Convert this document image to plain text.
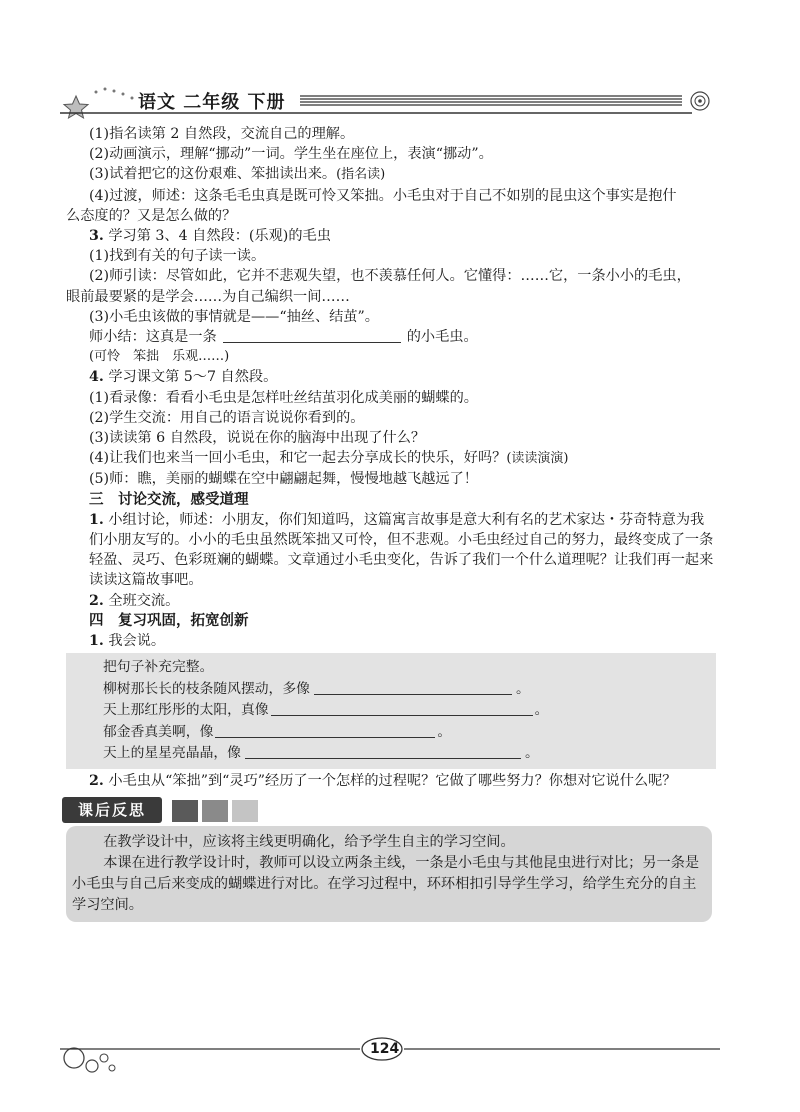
语文 二年级 下册
(1)指名读第 2 自然段，交流自己的理解。
(2)动画演示，理解“挪动”一词。学生坐在座位上，表演“挪动”。
(3)试着把它的这份艰难、笨拙读出来。(指名读)
(4)过渡，师述：这条毛毛虫真是既可怜又笨拙。小毛虫对于自己不如别的昆虫这个事实是抱什
么态度的？又是怎么做的？
3. 学习第 3、4 自然段：(乐观)的毛虫
(1)找到有关的句子读一读。
(2)师引读：尽管如此，它并不悲观失望，也不羡慕任何人。它懂得：……它，一条小小的毛虫，
眼前最要紧的是学会……为自己编织一间……
(3)小毛虫该做的事情就是——“抽丝、结茧”。
师小结：这真是一条	的小毛虫。
(可怜　笨拙　乐观……)
4. 学习课文第 5～7 自然段。
(1)看录像：看看小毛虫是怎样吐丝结茧羽化成美丽的蝴蝶的。
(2)学生交流：用自己的语言说说你看到的。
(3)读读第 6 自然段，说说在你的脑海中出现了什么？
(4)让我们也来当一回小毛虫，和它一起去分享成长的快乐，好吗？(读读演演)
(5)师：瞧，美丽的蝴蝶在空中翩翩起舞，慢慢地越飞越远了！
三　讨论交流，感受道理
1. 小组讨论，师述：小朋友，你们知道吗，这篇寓言故事是意大利有名的艺术家达・芬奇特意为我们小朋友写的。小小的毛虫虽然既笨拙又可怜，但不悲观。小毛虫经过自己的努力，最终变成了一条轻盈、灵巧、色彩斑斓的蝴蝶。文章通过小毛虫变化，告诉了我们一个什么道理呢？让我们再一起来读读这篇故事吧。
2. 全班交流。
四　复习巩固，拓宽创新
1. 我会说。
把句子补充完整。
柳树那长长的枝条随风摆动，多像	。
天上那红彤彤的太阳，真像	。
郁金香真美啊，像	。
天上的星星亮晶晶，像	。
2. 小毛虫从“笨拙”到“灵巧”经历了一个怎样的过程呢？它做了哪些努力？你想对它说什么呢？
课后反思
在教学设计中，应该将主线更明确化，给予学生自主的学习空间。
本课在进行教学设计时，教师可以设立两条主线，一条是小毛虫与其他昆虫进行对比；另一条是小毛虫与自己后来变成的蝴蝶进行对比。在学习过程中，环环相扣引导学生学习，给学生充分的自主学习空间。
124
